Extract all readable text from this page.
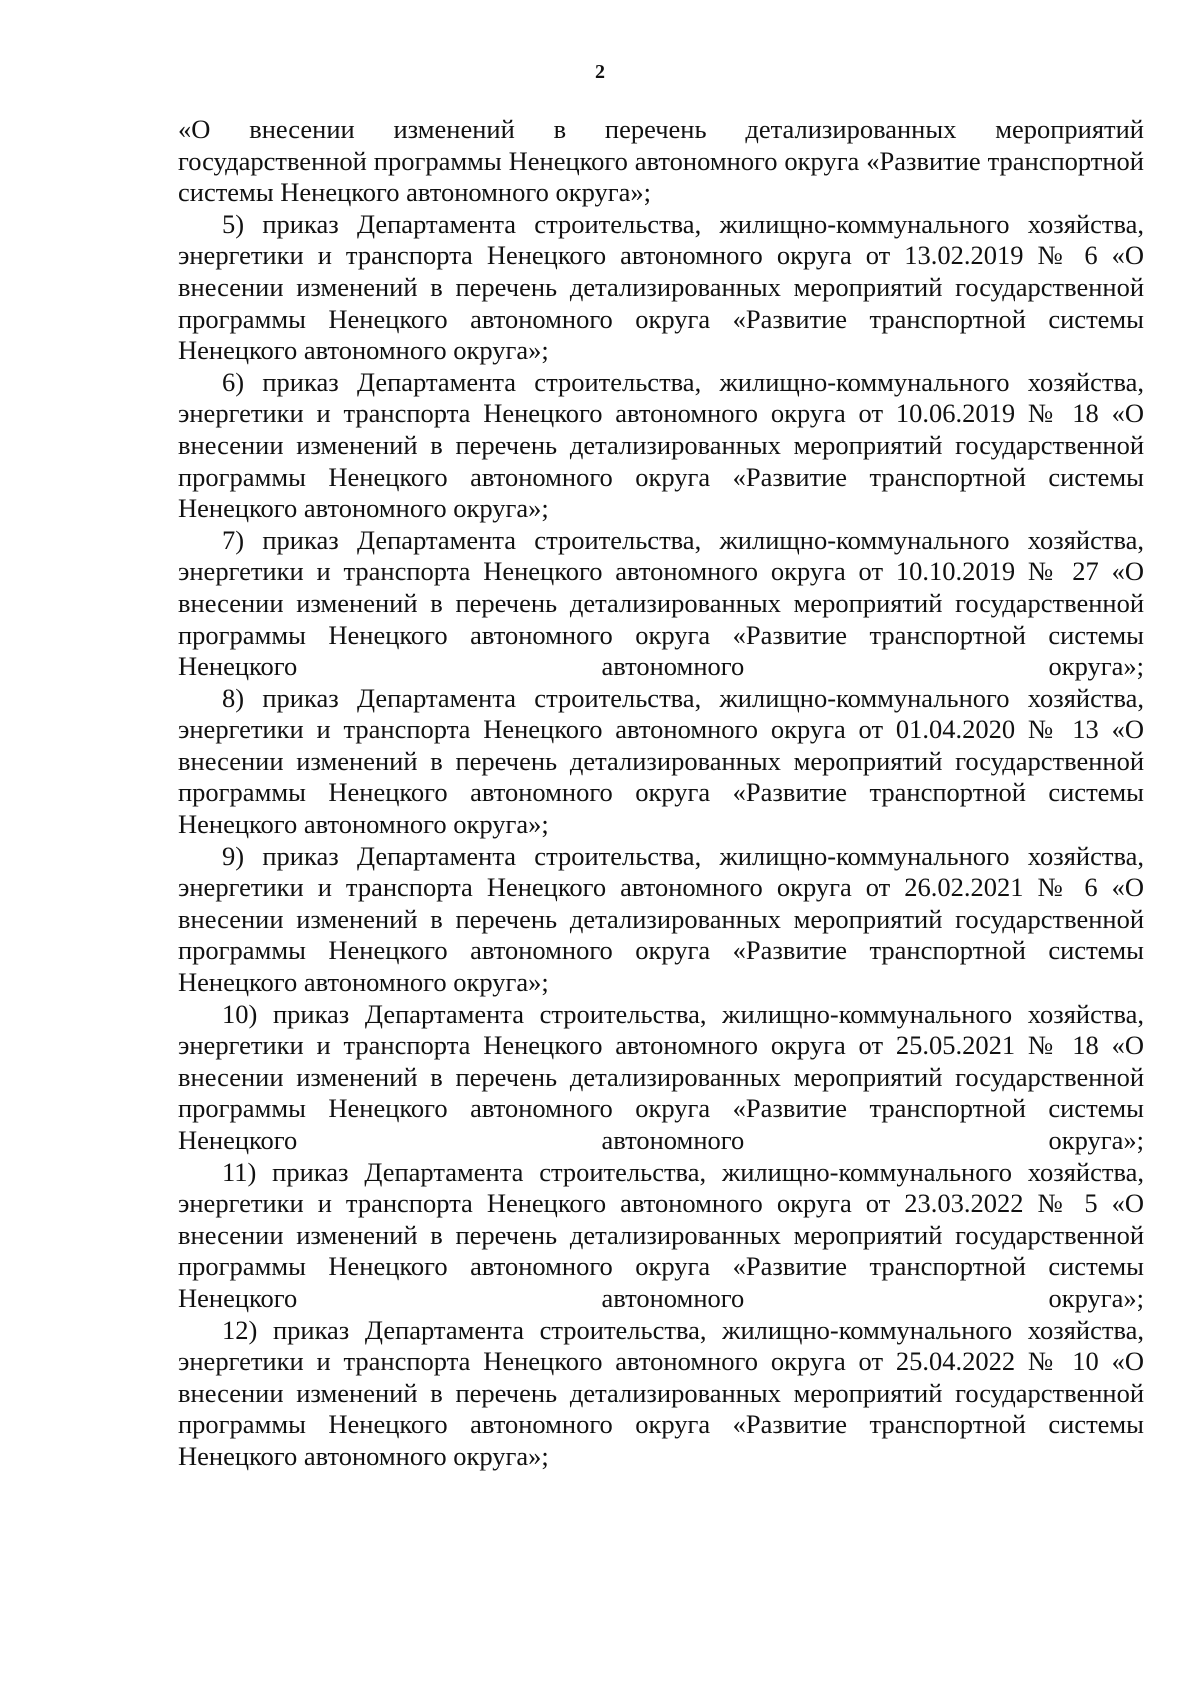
2

«О внесении изменений в перечень детализированных мероприятий государственной программы Ненецкого автономного округа «Развитие транспортной системы Ненецкого автономного округа»;

5) приказ Департамента строительства, жилищно-коммунального хозяйства, энергетики и транспорта Ненецкого автономного округа от 13.02.2019 № 6 «О внесении изменений в перечень детализированных мероприятий государственной программы Ненецкого автономного округа «Развитие транспортной системы Ненецкого автономного округа»;

6) приказ Департамента строительства, жилищно-коммунального хозяйства, энергетики и транспорта Ненецкого автономного округа от 10.06.2019 № 18 «О внесении изменений в перечень детализированных мероприятий государственной программы Ненецкого автономного округа «Развитие транспортной системы Ненецкого автономного округа»;

7) приказ Департамента строительства, жилищно-коммунального хозяйства, энергетики и транспорта Ненецкого автономного округа от 10.10.2019 № 27 «О внесении изменений в перечень детализированных мероприятий государственной программы Ненецкого автономного округа «Развитие транспортной системы Ненецкого автономного округа»;

8) приказ Департамента строительства, жилищно-коммунального хозяйства, энергетики и транспорта Ненецкого автономного округа от 01.04.2020 № 13 «О внесении изменений в перечень детализированных мероприятий государственной программы Ненецкого автономного округа «Развитие транспортной системы Ненецкого автономного округа»;

9) приказ Департамента строительства, жилищно-коммунального хозяйства, энергетики и транспорта Ненецкого автономного округа от 26.02.2021 № 6 «О внесении изменений в перечень детализированных мероприятий государственной программы Ненецкого автономного округа «Развитие транспортной системы Ненецкого автономного округа»;

10) приказ Департамента строительства, жилищно-коммунального хозяйства, энергетики и транспорта Ненецкого автономного округа от 25.05.2021 № 18 «О внесении изменений в перечень детализированных мероприятий государственной программы Ненецкого автономного округа «Развитие транспортной системы Ненецкого автономного округа»;

11) приказ Департамента строительства, жилищно-коммунального хозяйства, энергетики и транспорта Ненецкого автономного округа от 23.03.2022 № 5 «О внесении изменений в перечень детализированных мероприятий государственной программы Ненецкого автономного округа «Развитие транспортной системы Ненецкого автономного округа»;

12) приказ Департамента строительства, жилищно-коммунального хозяйства, энергетики и транспорта Ненецкого автономного округа от 25.04.2022 № 10 «О внесении изменений в перечень детализированных мероприятий государственной программы Ненецкого автономного округа «Развитие транспортной системы Ненецкого автономного округа»;
